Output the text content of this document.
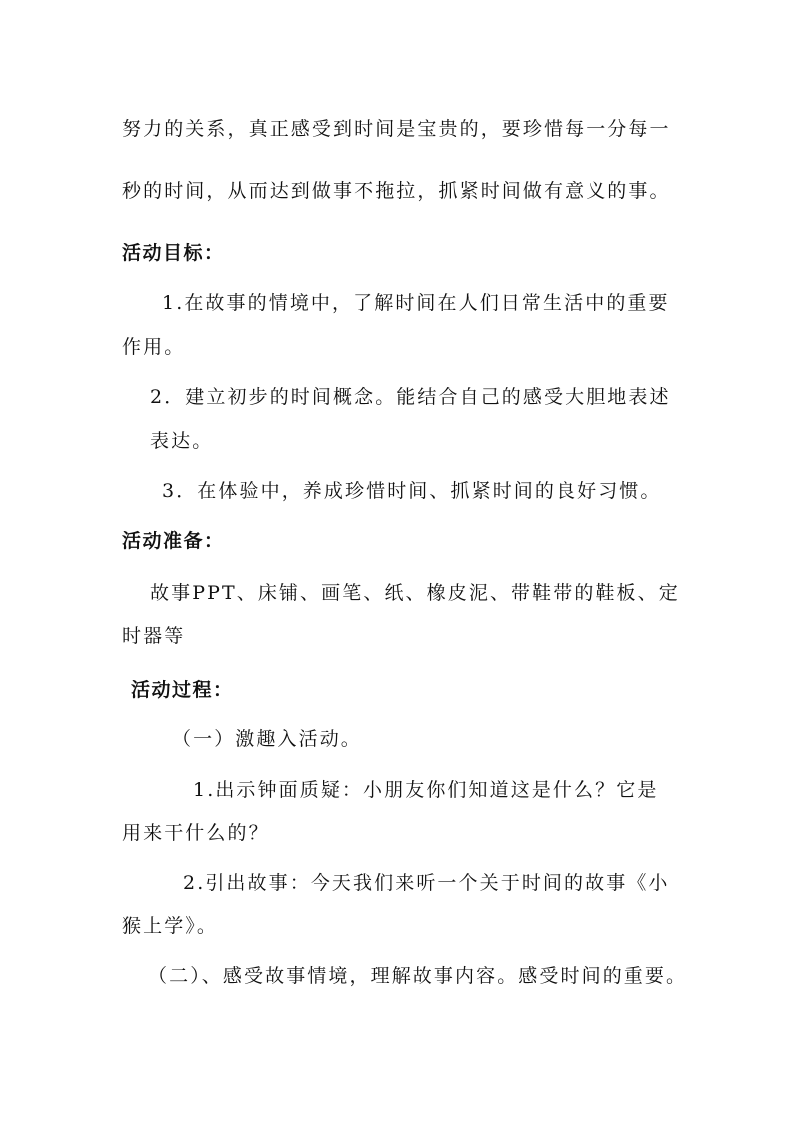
努力的关系，真正感受到时间是宝贵的，要珍惜每一分每一
秒的时间，从而达到做事不拖拉，抓紧时间做有意义的事。
活动目标：
1.在故事的情境中，了解时间在人们日常生活中的重要
作用。
2．建立初步的时间概念。能结合自己的感受大胆地表述
表达。
3．在体验中，养成珍惜时间、抓紧时间的良好习惯。
活动准备：
故事PPT、床铺、画笔、纸、橡皮泥、带鞋带的鞋板、定
时器等
活动过程：
（一）激趣入活动。
1.出示钟面质疑：小朋友你们知道这是什么？它是
用来干什么的？
2.引出故事：今天我们来听一个关于时间的故事《小
猴上学》。
（二）、感受故事情境，理解故事内容。感受时间的重要。
